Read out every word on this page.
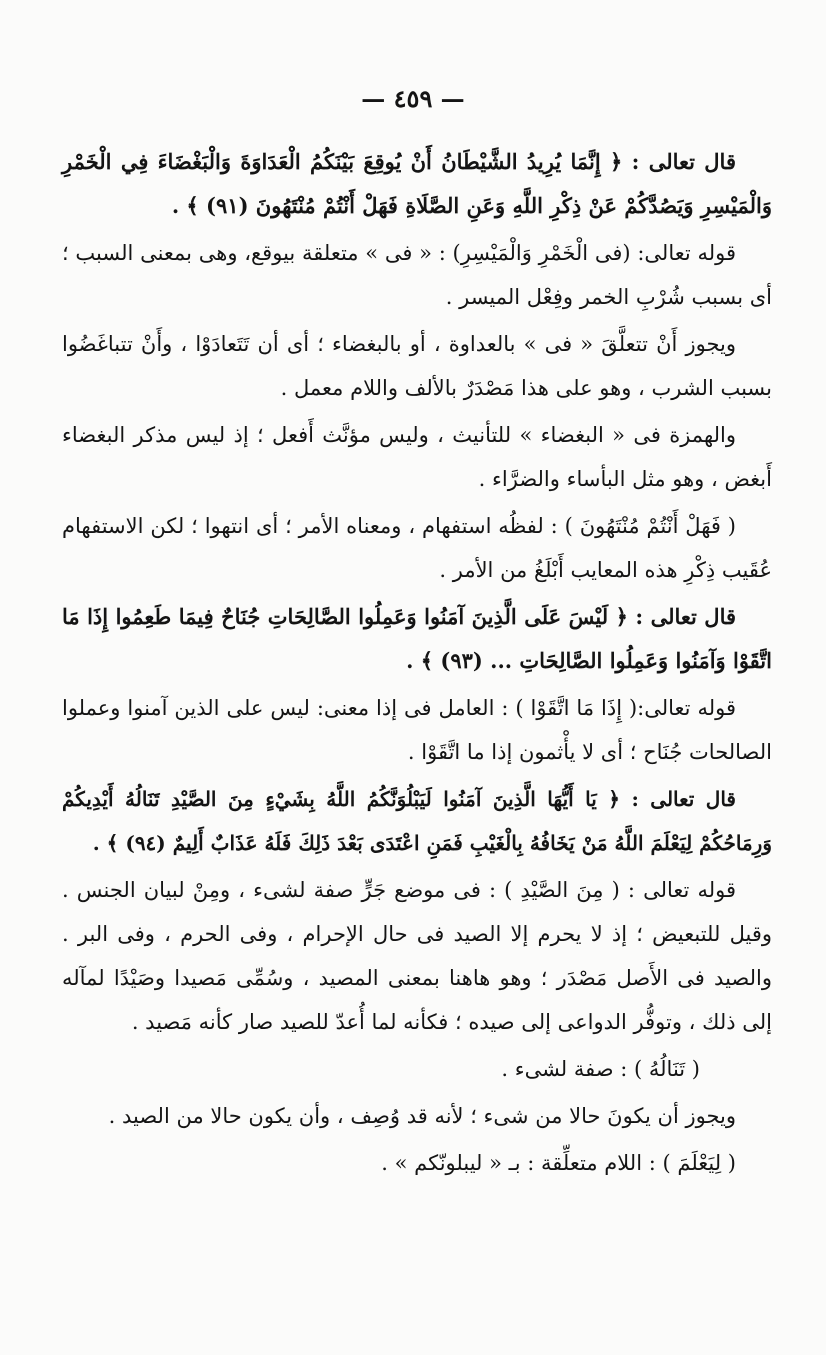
— ٤٥٩ —

قال تعالى : ﴿ إِنَّمَا يُرِيدُ الشَّيْطَانُ أَنْ يُوقِعَ بَيْنَكُمُ الْعَدَاوَةَ وَالْبَغْضَاءَ فِي الْخَمْرِ وَالْمَيْسِرِ وَيَصُدَّكُمْ عَنْ ذِكْرِ اللَّهِ وَعَنِ الصَّلَاةِ فَهَلْ أَنْتُمْ مُنْتَهُونَ (٩١) ﴾ .

قوله تعالى: (فى الْخَمْرِ وَالْمَيْسِرِ) : « فى » متعلقة بيوقع، وهى بمعنى السبب ؛ أى بسبب شُرْبِ الخمر وفِعْل الميسر .

ويجوز أَنْ تتعلَّقَ « فى » بالعداوة ، أو بالبغضاء ؛ أى أن تَتَعادَوْا ، وأَنْ تتباغَضُوا بسبب الشرب ، وهو على هذا مَصْدَرٌ بالألف واللام معمل .

والهمزة فى « البغضاء » للتأنيث ، وليس مؤنَّث أَفعل ؛ إذ ليس مذكر البغضاء أَبغض ، وهو مثل البأساء والضرَّاء .

( فَهَلْ أَنْتُمْ مُنْتَهُونَ ) : لفظُه استفهام ، ومعناه الأمر ؛ أى انتهوا ؛ لكن الاستفهام عُقَيب ذِكْرِ هذه المعايب أَبْلَغُ من الأمر .

قال تعالى : ﴿ لَيْسَ عَلَى الَّذِينَ آمَنُوا وَعَمِلُوا الصَّالِحَاتِ جُنَاحٌ فِيمَا طَعِمُوا إِذَا مَا اتَّقَوْا وَآمَنُوا وَعَمِلُوا الصَّالِحَاتِ ... (٩٣) ﴾ .

قوله تعالى:( إِذَا مَا اتَّقَوْا ) : العامل فى إذا معنى: ليس على الذين آمنوا وعملوا الصالحات جُنَاح ؛ أى لا يأْثمون إذا ما اتَّقَوْا .

قال تعالى : ﴿ يَا أَيُّهَا الَّذِينَ آمَنُوا لَيَبْلُوَنَّكُمُ اللَّهُ بِشَيْءٍ مِنَ الصَّيْدِ تَنَالُهُ أَيْدِيكُمْ وَرِمَاحُكُمْ لِيَعْلَمَ اللَّهُ مَنْ يَخَافُهُ بِالْغَيْبِ فَمَنِ اعْتَدَى بَعْدَ ذَلِكَ فَلَهُ عَذَابٌ أَلِيمٌ (٩٤) ﴾ .

قوله تعالى : ( مِنَ الصَّيْدِ ) : فى موضع جَرٍّ صفة لشىء ، ومِنْ لبيان الجنس . وقيل للتبعيض ؛ إذ لا يحرم إلا الصيد فى حال الإحرام ، وفى الحرم ، وفى البر . والصيد فى الأَصل مَصْدَر ؛ وهو هاهنا بمعنى المصيد ، وسُمِّى مَصيدا وصَيْدًا لمآله إلى ذلك ، وتوفُّر الدواعى إلى صيده ؛ فكأنه لما أُعدّ للصيد صار كأنه مَصيد .

( تَنَالُهُ ) : صفة لشىء .

ويجوز أن يكونَ حالا من شىء ؛ لأنه قد وُصِف ، وأن يكون حالا من الصيد .

( لِيَعْلَمَ ) : اللام متعلِّقة : بـ « ليبلونّكم » .
